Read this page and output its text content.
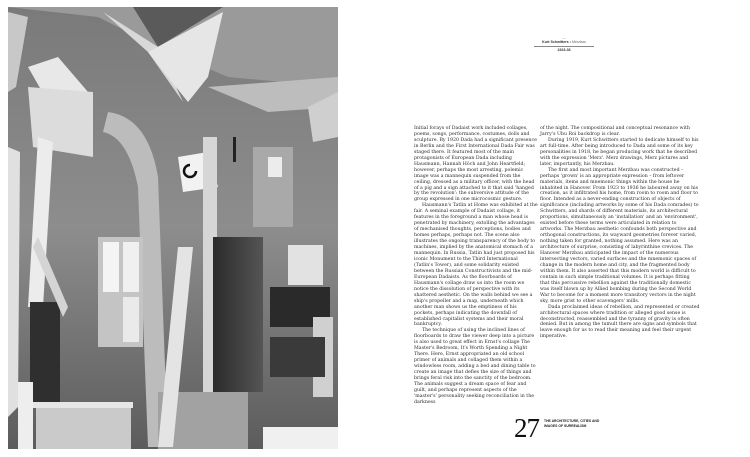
—
Kurt Schwitters • Merzbau
1923-36

Initial forays of Dadaist work included collages, poems, songs, performance, costumes, dolls and sculpture. By 1920 Dada had a significant presence in Berlin and the First International Dada Fair was staged there. It featured most of the main protagonists of European Dada including Hausmann, Hannah Höch and John Heartfield; however, perhaps the most arresting, polemic image was a mannequin suspended from the ceiling, dressed as a military officer, with the head of a pig and a sign attached to it that said 'hanged by the revolution': the subversive attitude of the group expressed in one microcosmic gesture.

Hausmann's Tatlin at Home was exhibited at the fair. A seminal example of Dadaist collage, it features in the foreground a man whose head is penetrated by machinery, extolling the advantages of mechanised thoughts, perceptions, bodies and homes perhaps, perhaps not. The scene also illustrates the ongoing transparency of the body to machines, implied by the anatomical stomach of a mannequin. In Russia, Tatlin had just proposed his iconic Monument to the Third International (Tatlin's Tower), and some solidarity existed between the Russian Constructivists and the mid-European Dadaists. As the floorboards of Hausmann's collage draw us into the room we notice the dissolution of perspective with its shattered aesthetic. On the walls behind we see a ship's propeller and a map, underneath which another man shows us the emptiness of his pockets, perhaps indicating the downfall of established capitalist systems and their moral bankruptcy.

The technique of using the inclined lines of floorboards to draw the viewer deep into a picture is also used to great effect in Ernst's collage The Master's Bedroom, It's Worth Spending a Night There. Here, Ernst appropriated an old school primer of animals and collaged them within a windowless room, adding a bed and dining table to create an image that defies the size of things and brings feral risk into the sanctity of the bedroom. The animals suggest a dream space of fear and guilt, and perhaps represent aspects of the 'master's' personality seeking reconciliation in the darkness

of the night. The compositional and conceptual resonance with Jarry's Ubu Roi backdrop is clear.

During 1919, Kurt Schwitters started to dedicate himself to his art full-time. After being introduced to Dada and some of its key personalities in 1918, he began producing work that he described with the expression 'Merz'. Merz drawings, Merz pictures and later, importantly, his Merzbau.

The first and most important Merzbau was constructed – perhaps 'grown' is an appropriate expression – from leftover materials, items and mnemonic things within the house he inhabited in Hanover. From 1923 to 1936 he laboured away on his creation, as it infiltrated his home, from room to room and floor to floor. Intended as a never-ending construction of objects of significance (including artworks by some of his Dada comrades) to Schwitters, and shards of different materials, its architectural proportions, simultaneously an 'installation' and an 'environment', existed before these terms were articulated in relation to artworks. The Merzbau aesthetic confounds both perspective and orthogonal constructions, its wayward geometries forever varied, nothing taken for granted, nothing assumed. Here was an architecture of surprise, consisting of labyrinthine crevices. The Hanover Merzbau anticipated the impact of the numerous intersecting vectors, varied surfaces and the mnemonic spaces of change in the modern home and city, and the fragmented body within them. It also asserted that this modern world is difficult to contain in such simple traditional volumes. It is perhaps fitting that this percussive rebellion against the traditionally domestic was itself blown up by Allied bombing during the Second World War to become for a moment more transitory vectors in the night sky, more grist to other scavengers' mills.

Dada proclaimed ideas of rebellion, and represented or created architectural spaces where tradition or alleged good sense is deconstructed, reassembled and the tyranny of gravity is often denied. But in among the tumult there are signs and symbols that leave enough for us to read their meaning and feel their urgent imperative.

27 THE ARCHITECTURE, CITIES AND IMAGES OF SURREALISM
